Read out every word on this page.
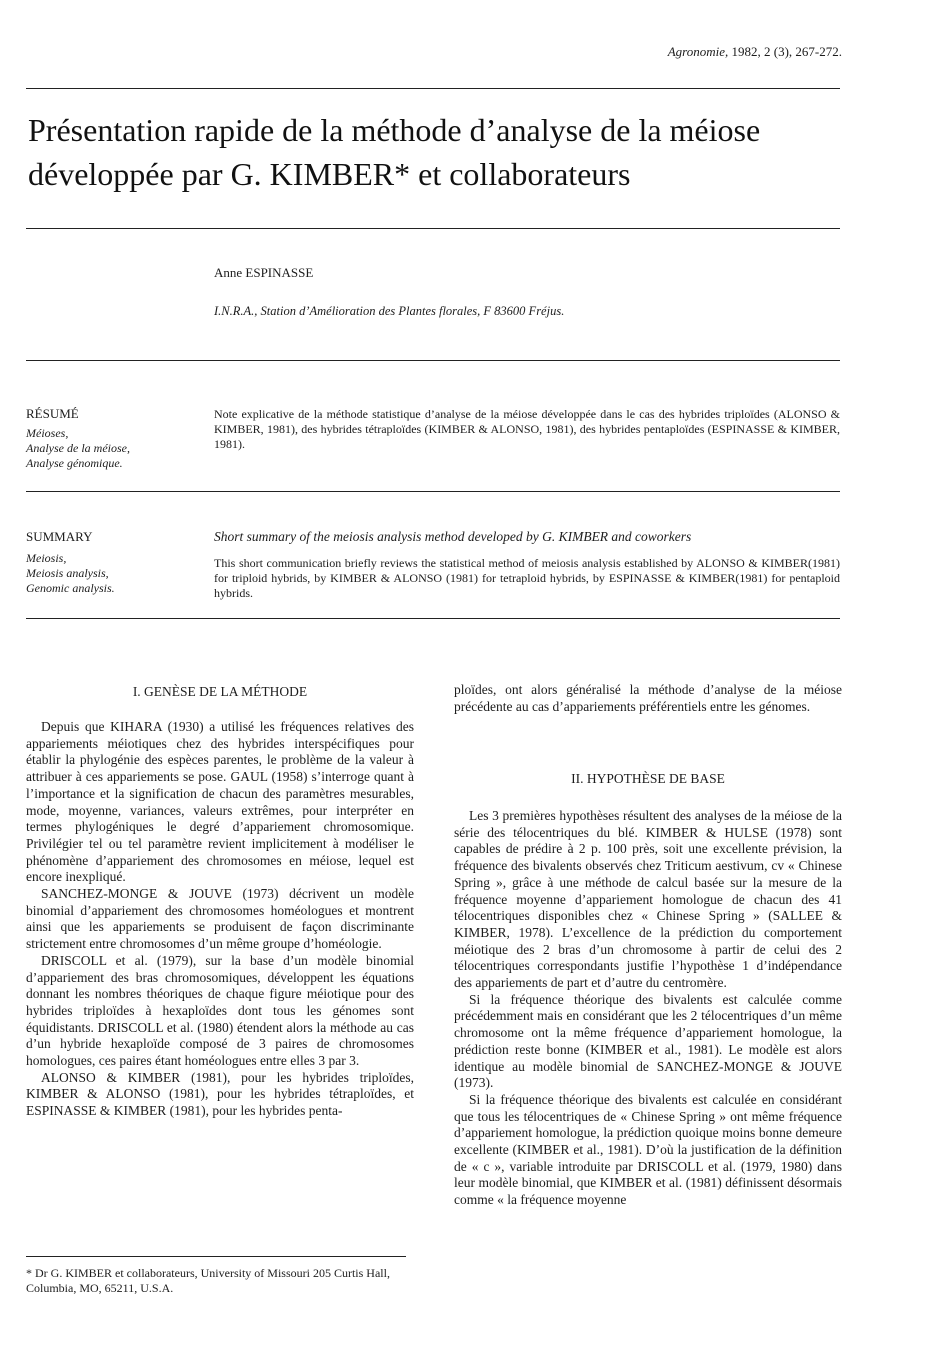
Agronomie, 1982, 2 (3), 267-272.
Présentation rapide de la méthode d’analyse de la méiose
développée par G. KIMBER* et collaborateurs
Anne ESPINASSE
I.N.R.A., Station d’Amélioration des Plantes florales, F 83600 Fréjus.
RÉSUMÉ
Méioses,
Analyse de la méiose,
Analyse génomique.
Note explicative de la méthode statistique d’analyse de la méiose développée dans le cas des hybrides triploïdes (ALONSO & KIMBER, 1981), des hybrides tétraploïdes (KIMBER & ALONSO, 1981), des hybrides pentaploïdes (ESPINASSE & KIMBER, 1981).
SUMMARY
Meiosis,
Meiosis analysis,
Genomic analysis.
Short summary of the meiosis analysis method developed by G. KIMBER and coworkers
This short communication briefly reviews the statistical method of meiosis analysis established by ALONSO & KIMBER(1981) for triploid hybrids, by KIMBER & ALONSO (1981) for tetraploid hybrids, by ESPINASSE & KIMBER(1981) for pentaploid hybrids.
I. GENÈSE DE LA MÉTHODE

Depuis que KIHARA (1930) a utilisé les fréquences relatives des appariements méiotiques chez des hybrides interspécifiques pour établir la phylogénie des espèces parentes, le problème de la valeur à attribuer à ces appariements se pose. GAUL (1958) s’interroge quant à l’importance et la signification de chacun des paramètres mesurables, mode, moyenne, variances, valeurs extrêmes, pour interpréter en termes phylogéniques le degré d’appariement chromosomique. Privilégier tel ou tel paramètre revient implicitement à modéliser le phénomène d’appariement des chromosomes en méiose, lequel est encore inexpliqué.

SANCHEZ-MONGE & JOUVE (1973) décrivent un modèle binomial d’appariement des chromosomes homéologues et montrent ainsi que les appariements se produisent de façon discriminante strictement entre chromosomes d’un même groupe d’homéologie.

DRISCOLL et al. (1979), sur la base d’un modèle binomial d’appariement des bras chromosomiques, développent les équations donnant les nombres théoriques de chaque figure méiotique pour des hybrides triploïdes à hexaploïdes dont tous les génomes sont équidistants. DRISCOLL et al. (1980) étendent alors la méthode au cas d’un hybride hexaploïde composé de 3 paires de chromosomes homologues, ces paires étant homéologues entre elles 3 par 3.

ALONSO & KIMBER (1981), pour les hybrides triploïdes, KIMBER & ALONSO (1981), pour les hybrides tétraploïdes, et ESPINASSE & KIMBER (1981), pour les hybrides penta-

* Dr G. KIMBER et collaborateurs, University of Missouri 205 Curtis Hall, Columbia, MO, 65211, U.S.A.

ploïdes, ont alors généralisé la méthode d’analyse de la méiose précédente au cas d’appariements préférentiels entre les génomes.

II. HYPOTHÈSE DE BASE

Les 3 premières hypothèses résultent des analyses de la méiose de la série des télocentriques du blé. KIMBER & HULSE (1978) sont capables de prédire à 2 p. 100 près, soit une excellente prévision, la fréquence des bivalents observés chez Triticum aestivum, cv « Chinese Spring », grâce à une méthode de calcul basée sur la mesure de la fréquence moyenne d’appariement homologue de chacun des 41 télocentriques disponibles chez « Chinese Spring » (SALLEE & KIMBER, 1978). L’excellence de la prédiction du comportement méiotique des 2 bras d’un chromosome à partir de celui des 2 télocentriques correspondants justifie l’hypothèse 1 d’indépendance des appariements de part et d’autre du centromère.

Si la fréquence théorique des bivalents est calculée comme précédemment mais en considérant que les 2 télocentriques d’un même chromosome ont la même fréquence d’appariement homologue, la prédiction reste bonne (KIMBER et al., 1981). Le modèle est alors identique au modèle binomial de SANCHEZ-MONGE & JOUVE (1973).

Si la fréquence théorique des bivalents est calculée en considérant que tous les télocentriques de « Chinese Spring » ont même fréquence d’appariement homologue, la prédiction quoique moins bonne demeure excellente (KIMBER et al., 1981). D’où la justification de la définition de « c », variable introduite par DRISCOLL et al. (1979, 1980) dans leur modèle binomial, que KIMBER et al. (1981) définissent désormais comme « la fréquence moyenne
